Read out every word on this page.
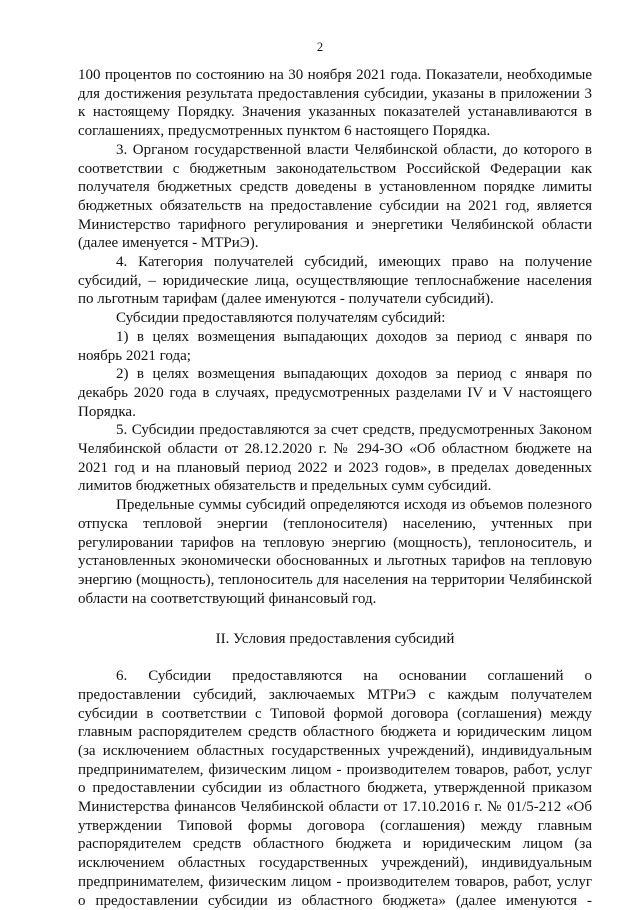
2

100 процентов по состоянию на 30 ноября 2021 года. Показатели, необходимые для достижения результата предоставления субсидии, указаны в приложении 3 к настоящему Порядку. Значения указанных показателей устанавливаются в соглашениях, предусмотренных пунктом 6 настоящего Порядка.

3. Органом государственной власти Челябинской области, до которого в соответствии с бюджетным законодательством Российской Федерации как получателя бюджетных средств доведены в установленном порядке лимиты бюджетных обязательств на предоставление субсидии на 2021 год, является Министерство тарифного регулирования и энергетики Челябинской области (далее именуется - МТРиЭ).

4. Категория получателей субсидий, имеющих право на получение субсидий, – юридические лица, осуществляющие теплоснабжение населения по льготным тарифам (далее именуются - получатели субсидий).

Субсидии предоставляются получателям субсидий:

1) в целях возмещения выпадающих доходов за период с января по ноябрь 2021 года;

2) в целях возмещения выпадающих доходов за период с января по декабрь 2020 года в случаях, предусмотренных разделами IV и V настоящего Порядка.

5. Субсидии предоставляются за счет средств, предусмотренных Законом Челябинской области от 28.12.2020 г. № 294-ЗО «Об областном бюджете на 2021 год и на плановый период 2022 и 2023 годов», в пределах доведенных лимитов бюджетных обязательств и предельных сумм субсидий.

Предельные суммы субсидий определяются исходя из объемов полезного отпуска тепловой энергии (теплоносителя) населению, учтенных при регулировании тарифов на тепловую энергию (мощность), теплоноситель, и установленных экономически обоснованных и льготных тарифов на тепловую энергию (мощность), теплоноситель для населения на территории Челябинской области на соответствующий финансовый год.

II. Условия предоставления субсидий

6. Субсидии предоставляются на основании соглашений о предоставлении субсидий, заключаемых МТРиЭ с каждым получателем субсидии в соответствии с Типовой формой договора (соглашения) между главным распорядителем средств областного бюджета и юридическим лицом (за исключением областных государственных учреждений), индивидуальным предпринимателем, физическим лицом - производителем товаров, работ, услуг о предоставлении субсидии из областного бюджета, утвержденной приказом Министерства финансов Челябинской области от 17.10.2016 г. № 01/5-212 «Об утверждении Типовой формы договора (соглашения) между главным распорядителем средств областного бюджета и юридическим лицом (за исключением областных государственных учреждений), индивидуальным предпринимателем, физическим лицом - производителем товаров, работ, услуг о предоставлении субсидии из областного бюджета» (далее именуются -
